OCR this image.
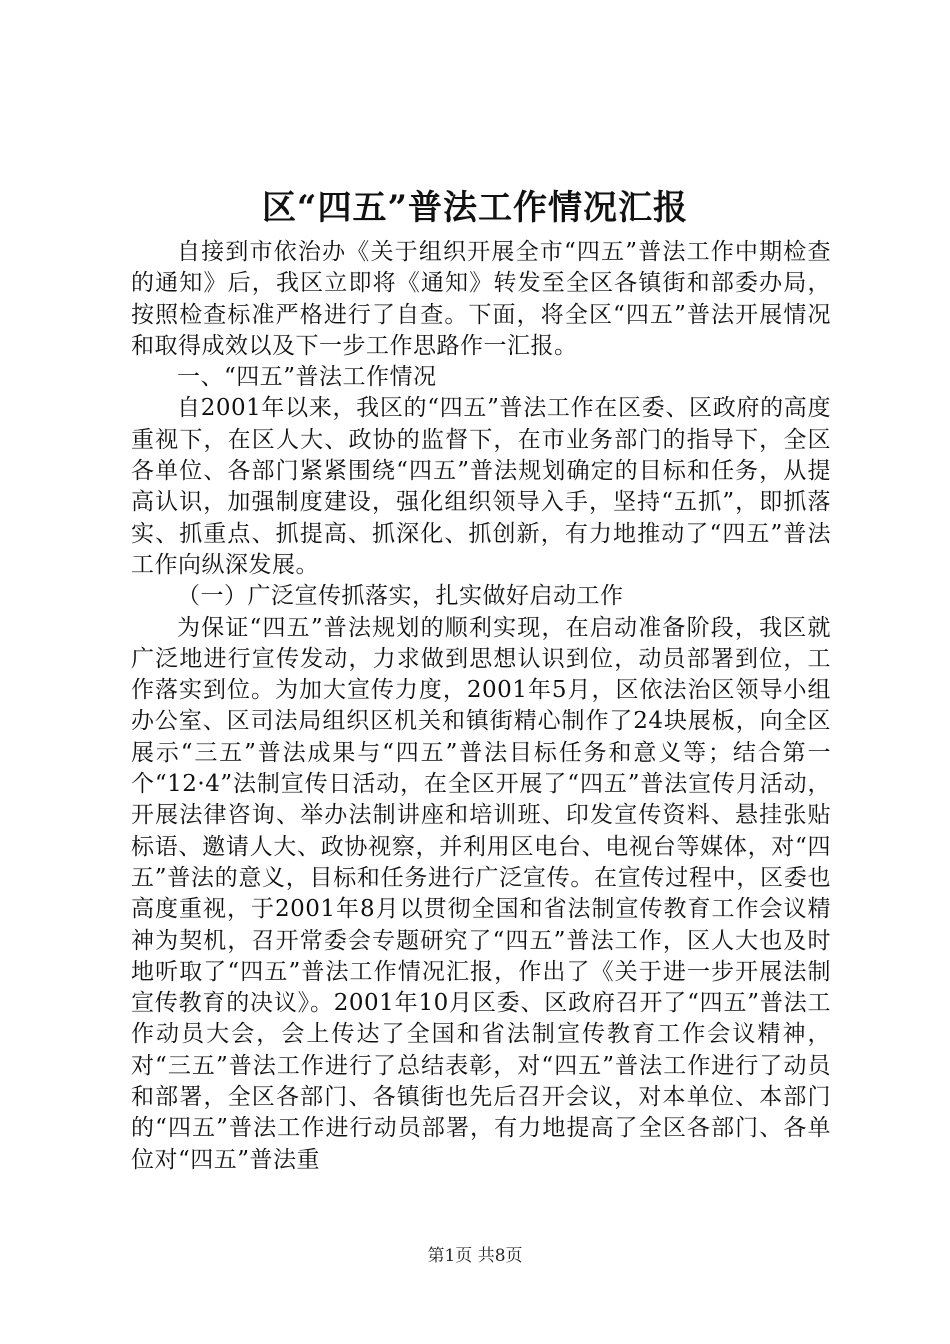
区“四五”普法工作情况汇报

自接到市依治办《关于组织开展全市“四五”普法工作中期检查的通知》后，我区立即将《通知》转发至全区各镇街和部委办局，按照检查标准严格进行了自查。下面，将全区“四五”普法开展情况和取得成效以及下一步工作思路作一汇报。

一、“四五”普法工作情况

自2001年以来，我区的“四五”普法工作在区委、区政府的高度重视下，在区人大、政协的监督下，在市业务部门的指导下，全区各单位、各部门紧紧围绕“四五”普法规划确定的目标和任务，从提高认识，加强制度建设，强化组织领导入手，坚持“五抓”，即抓落实、抓重点、抓提高、抓深化、抓创新，有力地推动了“四五”普法工作向纵深发展。

（一）广泛宣传抓落实，扎实做好启动工作

为保证“四五”普法规划的顺利实现，在启动准备阶段，我区就广泛地进行宣传发动，力求做到思想认识到位，动员部署到位，工作落实到位。为加大宣传力度，2001年5月，区依法治区领导小组办公室、区司法局组织区机关和镇街精心制作了24块展板，向全区展示“三五”普法成果与“四五”普法目标任务和意义等；结合第一个“12·4”法制宣传日活动，在全区开展了“四五”普法宣传月活动，开展法律咨询、举办法制讲座和培训班、印发宣传资料、悬挂张贴标语、邀请人大、政协视察，并利用区电台、电视台等媒体，对“四五”普法的意义，目标和任务进行广泛宣传。在宣传过程中，区委也高度重视，于2001年8月以贯彻全国和省法制宣传教育工作会议精神为契机，召开常委会专题研究了“四五”普法工作，区人大也及时地听取了“四五”普法工作情况汇报，作出了《关于进一步开展法制宣传教育的决议》。2001年10月区委、区政府召开了“四五”普法工作动员大会，会上传达了全国和省法制宣传教育工作会议精神，对“三五”普法工作进行了总结表彰，对“四五”普法工作进行了动员和部署，全区各部门、各镇街也先后召开会议，对本单位、本部门的“四五”普法工作进行动员部署，有力地提高了全区各部门、各单位对“四五”普法重

第1页 共8页
